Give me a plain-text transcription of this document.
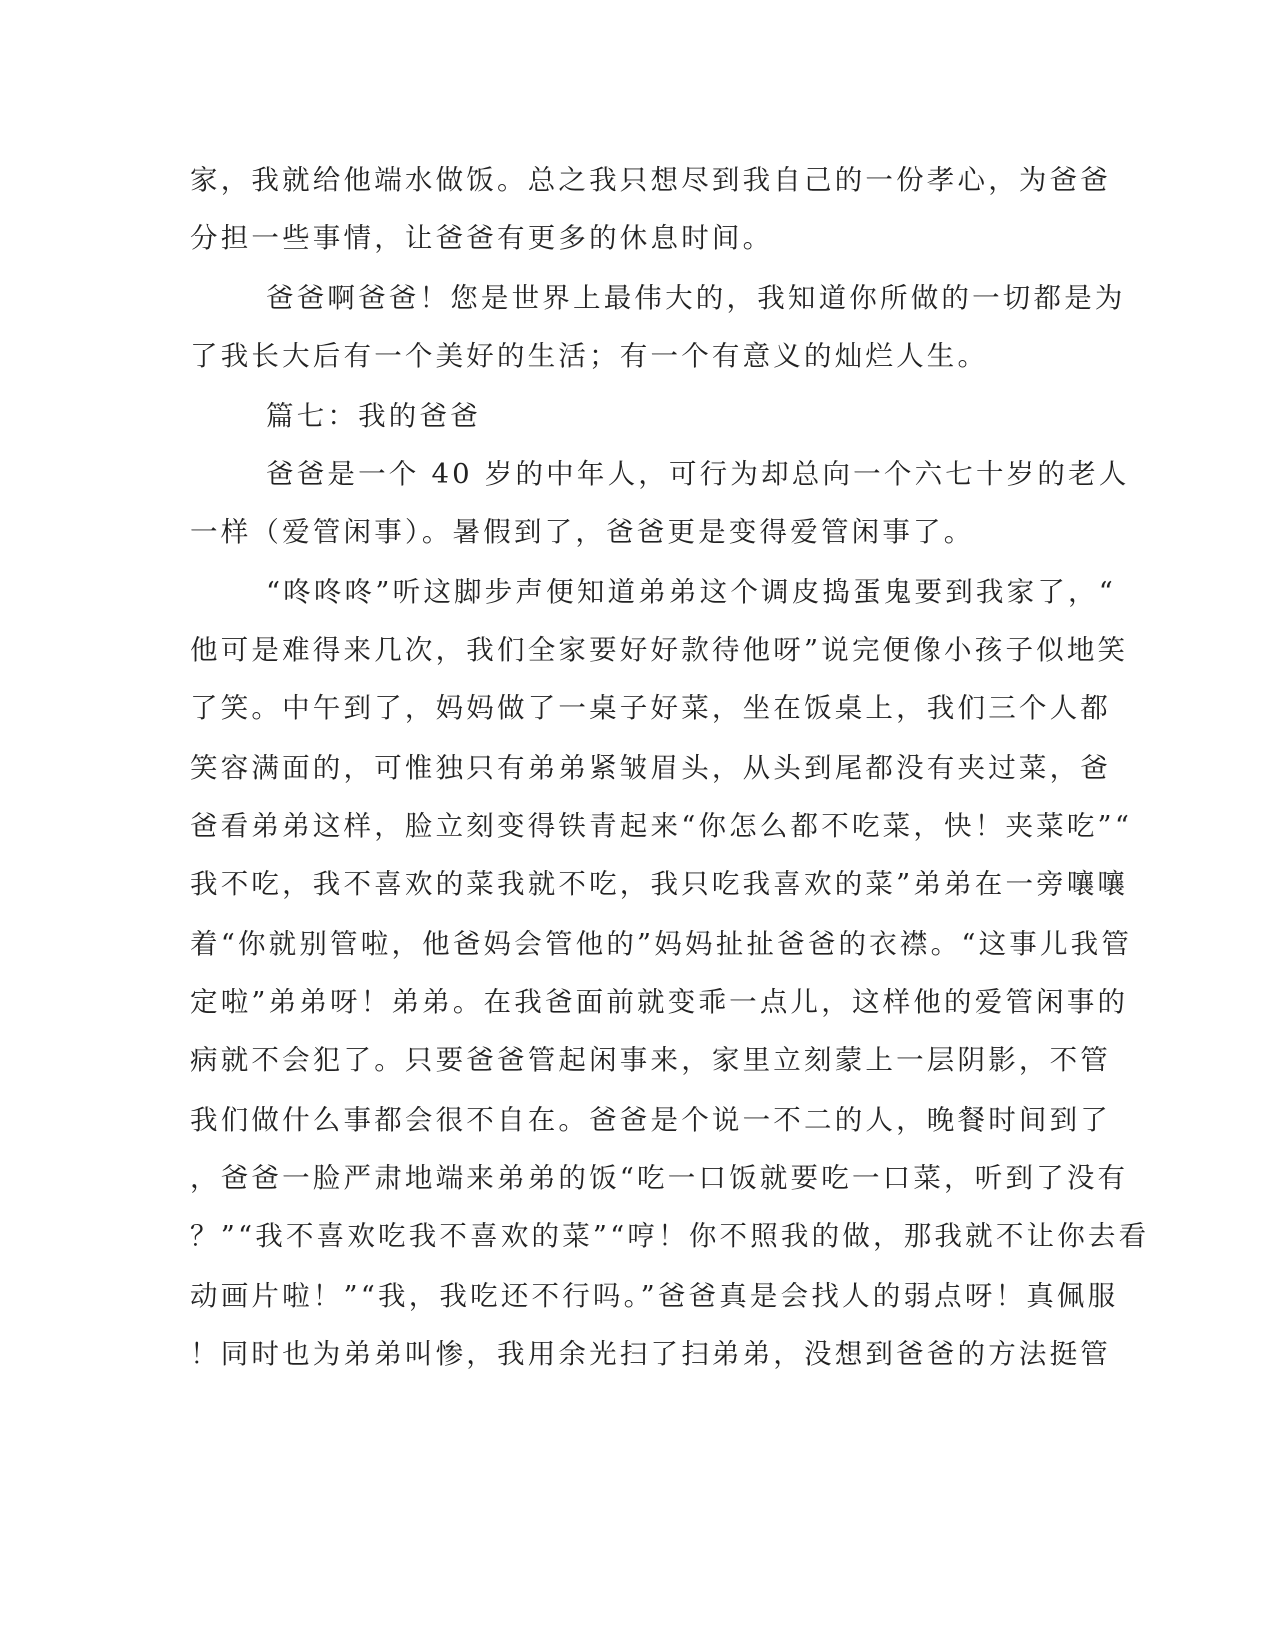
家，我就给他端水做饭。总之我只想尽到我自己的一份孝心，为爸爸
分担一些事情，让爸爸有更多的休息时间。
爸爸啊爸爸！您是世界上最伟大的，我知道你所做的一切都是为
了我长大后有一个美好的生活；有一个有意义的灿烂人生。
篇七：我的爸爸
爸爸是一个 40 岁的中年人，可行为却总向一个六七十岁的老人
一样（爱管闲事）。暑假到了，爸爸更是变得爱管闲事了。
“咚咚咚”听这脚步声便知道弟弟这个调皮捣蛋鬼要到我家了，“
他可是难得来几次，我们全家要好好款待他呀”说完便像小孩子似地笑
了笑。中午到了，妈妈做了一桌子好菜，坐在饭桌上，我们三个人都
笑容满面的，可惟独只有弟弟紧皱眉头，从头到尾都没有夹过菜，爸
爸看弟弟这样，脸立刻变得铁青起来“你怎么都不吃菜，快！夹菜吃”“
我不吃，我不喜欢的菜我就不吃，我只吃我喜欢的菜”弟弟在一旁嚷嚷
着“你就别管啦，他爸妈会管他的”妈妈扯扯爸爸的衣襟。“这事儿我管
定啦”弟弟呀！弟弟。在我爸面前就变乖一点儿，这样他的爱管闲事的
病就不会犯了。只要爸爸管起闲事来，家里立刻蒙上一层阴影，不管
我们做什么事都会很不自在。爸爸是个说一不二的人，晚餐时间到了
，爸爸一脸严肃地端来弟弟的饭“吃一口饭就要吃一口菜，听到了没有
？”“我不喜欢吃我不喜欢的菜”“哼！你不照我的做，那我就不让你去看
动画片啦！”“我，我吃还不行吗。”爸爸真是会找人的弱点呀！真佩服
！同时也为弟弟叫惨，我用余光扫了扫弟弟，没想到爸爸的方法挺管
